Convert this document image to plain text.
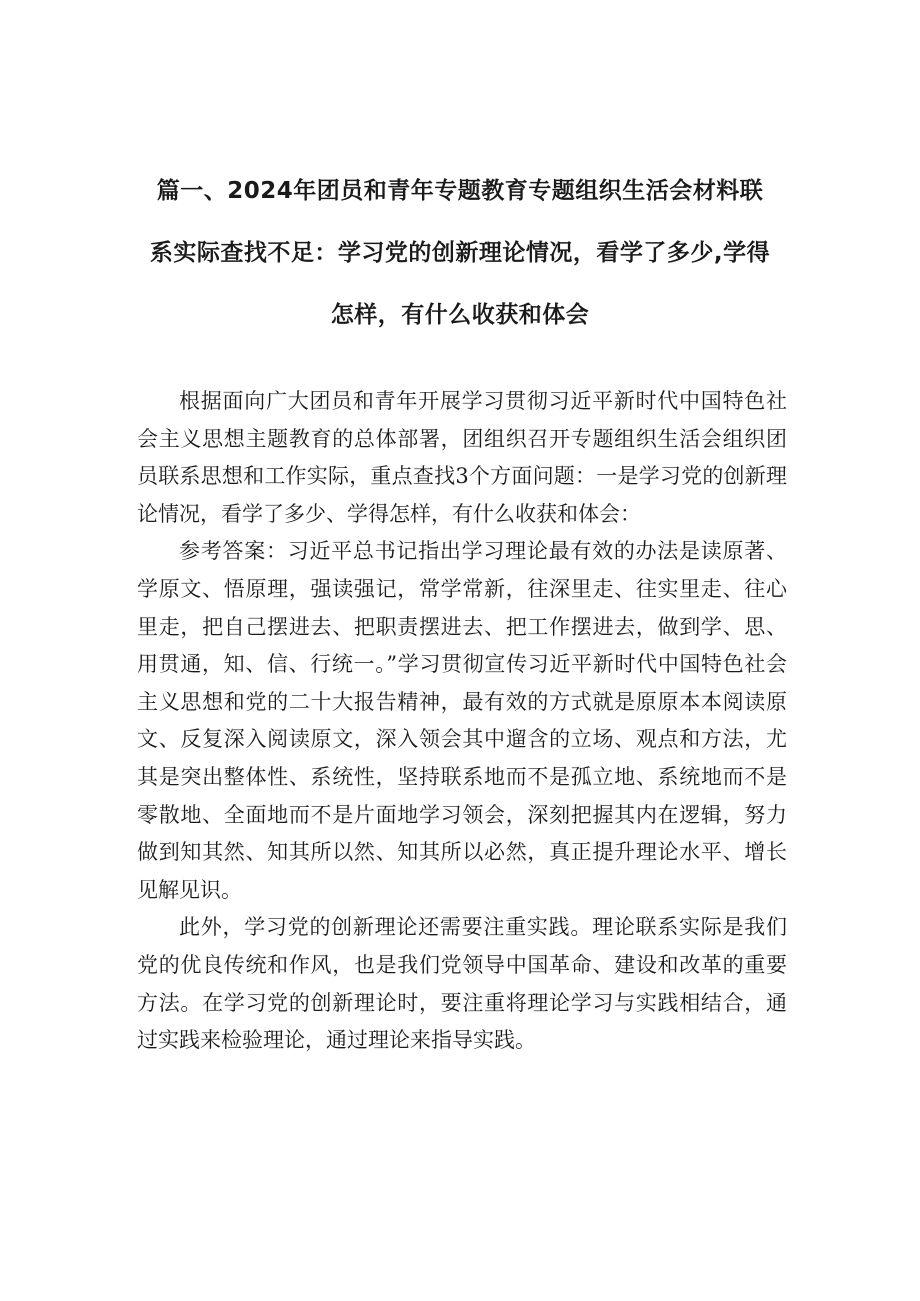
篇一、2024年团员和青年专题教育专题组织生活会材料联
系实际查找不足：学习党的创新理论情况，看学了多少,学得
怎样，有什么收获和体会

根据面向广大团员和青年开展学习贯彻习近平新时代中国特色社会主义思想主题教育的总体部署，团组织召开专题组织生活会组织团员联系思想和工作实际，重点查找3个方面问题：一是学习党的创新理论情况，看学了多少、学得怎样，有什么收获和体会：

参考答案：习近平总书记指出学习理论最有效的办法是读原著、学原文、悟原理，强读强记，常学常新，往深里走、往实里走、往心里走，把自己摆进去、把职责摆进去、把工作摆进去，做到学、思、用贯通，知、信、行统一。”学习贯彻宣传习近平新时代中国特色社会主义思想和党的二十大报告精神，最有效的方式就是原原本本阅读原文、反复深入阅读原文，深入领会其中遛含的立场、观点和方法，尤其是突出整体性、系统性，坚持联系地而不是孤立地、系统地而不是零散地、全面地而不是片面地学习领会，深刻把握其内在逻辑，努力做到知其然、知其所以然、知其所以必然，真正提升理论水平、增长见解见识。

此外，学习党的创新理论还需要注重实践。理论联系实际是我们党的优良传统和作风，也是我们党领导中国革命、建设和改革的重要方法。在学习党的创新理论时，要注重将理论学习与实践相结合，通过实践来检验理论，通过理论来指导实践。
